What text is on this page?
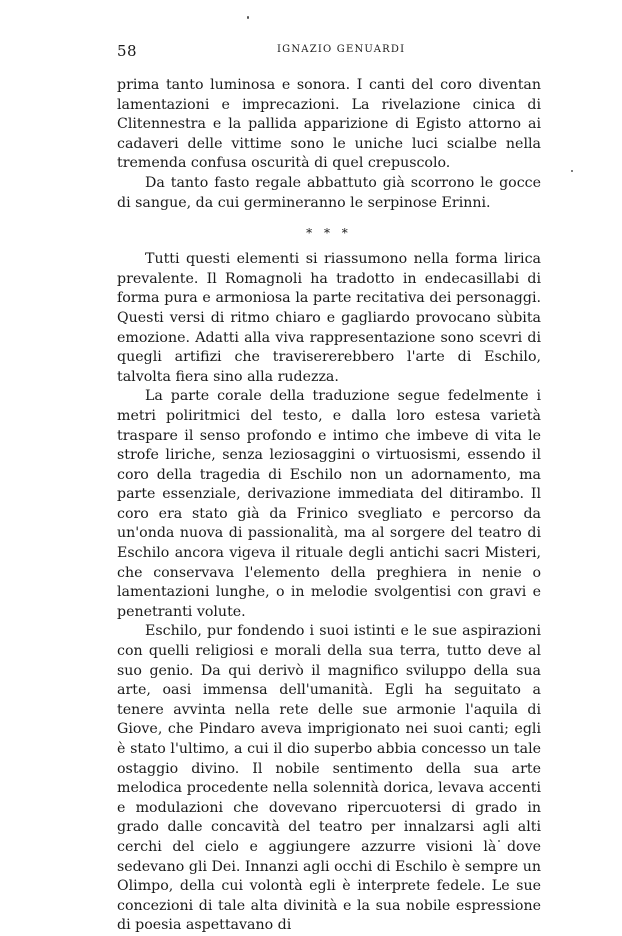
58	IGNAZIO GENUARDI

prima tanto luminosa e sonora. I canti del coro diventan lamentazioni e imprecazioni. La rivelazione cinica di Clitennestra e la pallida apparizione di Egisto attorno ai cadaveri delle vittime sono le uniche luci scialbe nella tremenda confusa oscurità di quel crepuscolo.

Da tanto fasto regale abbattuto già scorrono le gocce di sangue, da cui germineranno le serpinose Erinni.

* * *

Tutti questi elementi si riassumono nella forma lirica prevalente. Il Romagnoli ha tradotto in endecasillabi di forma pura e armoniosa la parte recitativa dei personaggi. Questi versi di ritmo chiaro e gagliardo provocano sùbita emozione. Adatti alla viva rappresentazione sono scevri di quegli artifizi che travisererebbero l'arte di Eschilo, talvolta fiera sino alla rudezza.

La parte corale della traduzione segue fedelmente i metri poliritmici del testo, e dalla loro estesa varietà traspare il senso profondo e intimo che imbeve di vita le strofe liriche, senza leziosaggini o virtuosismi, essendo il coro della tragedia di Eschilo non un adornamento, ma parte essenziale, derivazione immediata del ditirambo. Il coro era stato già da Frinico svegliato e percorso da un'onda nuova di passionalità, ma al sorgere del teatro di Eschilo ancora vigeva il rituale degli antichi sacri Misteri, che conservava l'elemento della preghiera in nenie o lamentazioni lunghe, o in melodie svolgentisi con gravi e penetranti volute.

Eschilo, pur fondendo i suoi istinti e le sue aspirazioni con quelli religiosi e morali della sua terra, tutto deve al suo genio. Da qui derivò il magnifico sviluppo della sua arte, oasi immensa dell'umanità. Egli ha seguitato a tenere avvinta nella rete delle sue armonie l'aquila di Giove, che Pindaro aveva imprigionato nei suoi canti; egli è stato l'ultimo, a cui il dio superbo abbia concesso un tale ostaggio divino. Il nobile sentimento della sua arte melodica procedente nella solennità dorica, levava accenti e modulazioni che dovevano ripercuotersi di grado in grado dalle concavità del teatro per innalzarsi agli alti cerchi del cielo e aggiungere azzurre visioni là dove sedevano gli Dei. Innanzi agli occhi di Eschilo è sempre un Olimpo, della cui volontà egli è interprete fedele. Le sue concezioni di tale alta divinità e la sua nobile espressione di poesia aspettavano di
